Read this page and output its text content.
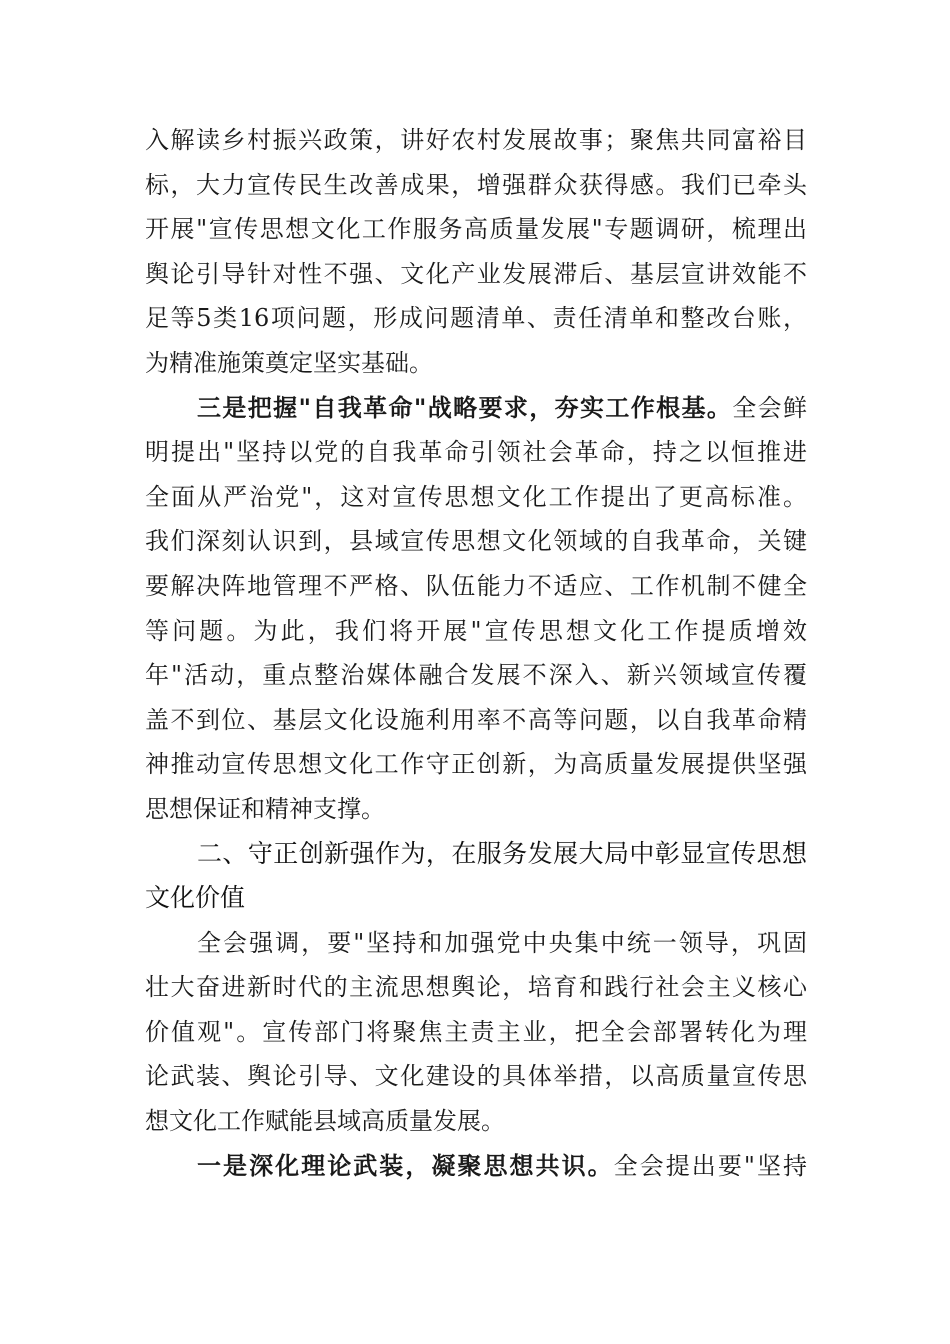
入解读乡村振兴政策，讲好农村发展故事；聚焦共同富裕目
标，大力宣传民生改善成果，增强群众获得感。我们已牵头
开展"宣传思想文化工作服务高质量发展"专题调研，梳理出
舆论引导针对性不强、文化产业发展滞后、基层宣讲效能不
足等5类16项问题，形成问题清单、责任清单和整改台账，
为精准施策奠定坚实基础。
三是把握"自我革命"战略要求，夯实工作根基。全会鲜
明提出"坚持以党的自我革命引领社会革命，持之以恒推进
全面从严治党"，这对宣传思想文化工作提出了更高标准。
我们深刻认识到，县域宣传思想文化领域的自我革命，关键
要解决阵地管理不严格、队伍能力不适应、工作机制不健全
等问题。为此，我们将开展"宣传思想文化工作提质增效
年"活动，重点整治媒体融合发展不深入、新兴领域宣传覆
盖不到位、基层文化设施利用率不高等问题，以自我革命精
神推动宣传思想文化工作守正创新，为高质量发展提供坚强
思想保证和精神支撑。
二、守正创新强作为，在服务发展大局中彰显宣传思想
文化价值
全会强调，要"坚持和加强党中央集中统一领导，巩固
壮大奋进新时代的主流思想舆论，培育和践行社会主义核心
价值观"。宣传部门将聚焦主责主业，把全会部署转化为理
论武装、舆论引导、文化建设的具体举措，以高质量宣传思
想文化工作赋能县域高质量发展。
一是深化理论武装，凝聚思想共识。全会提出要"坚持
